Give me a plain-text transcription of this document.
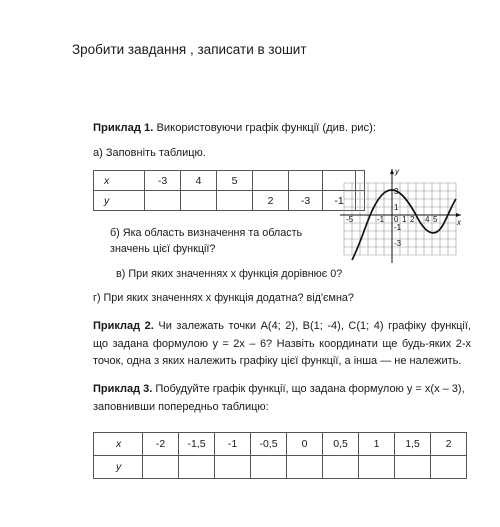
Зробити завдання , записати в зошит
Приклад 1. Використовуючи графік функції (див. рис):
а) Заповніть таблицю.
x	-3	4	5				
y				2	-3	-1	
x
y
-5	-1 0 1 2 4 5
3
1
-1
-3
б) Яка область визначення та область значень цієї функції?
в) При яких значеннях x функція дорівнює 0?
г) При яких значеннях x функція додатна? від'ємна?
Приклад 2. Чи залежать точки A(4; 2), B(1; -4), C(1; 4) графіку функції, що задана формулою y = 2x – 6? Назвіть координати ще будь-яких 2-х точок, одна з яких належить графіку цієї функції, а інша — не належить.
Приклад 3. Побудуйте графік функції, що задана формулою y = x(x – 3), заповнивши попередньо таблицю:
x	-2	-1,5	-1	-0,5	0	0,5	1	1,5	2
y									
